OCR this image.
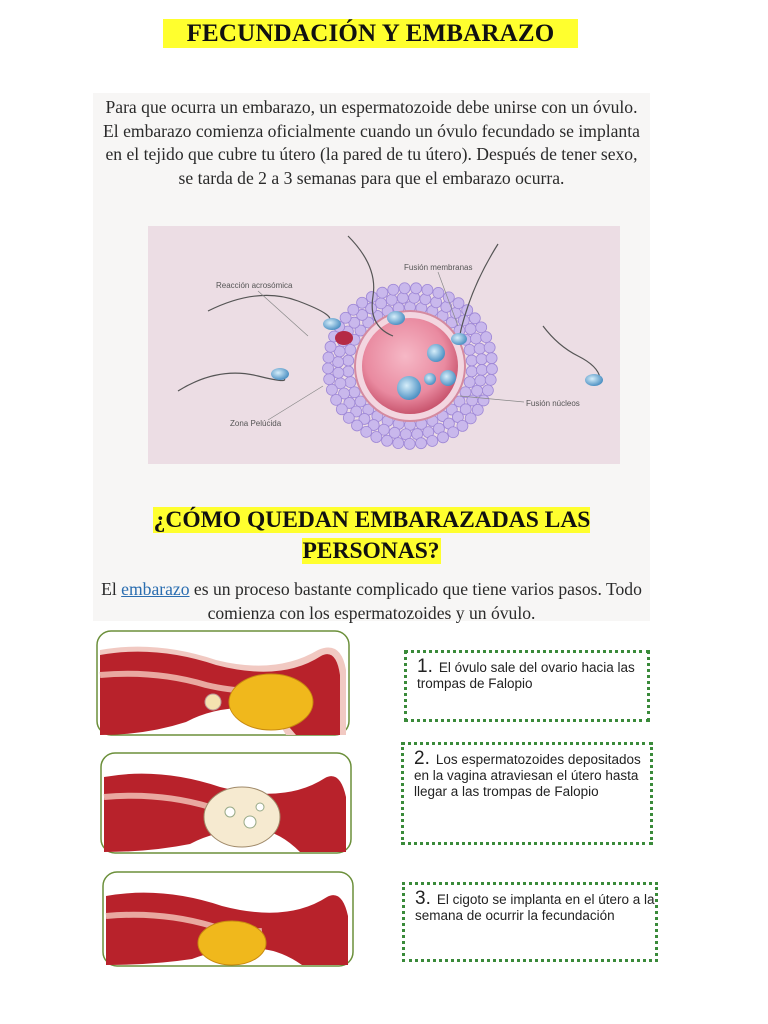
FECUNDACIÓN Y EMBARAZO
Para que ocurra un embarazo, un espermatozoide debe unirse con un óvulo. El embarazo comienza oficialmente cuando un óvulo fecundado se implanta en el tejido que cubre tu útero (la pared de tu útero). Después de tener sexo, se tarda de 2 a 3 semanas para que el embarazo ocurra.
Fusión membranas
Reacción acrosómica
Fusión núcleos
Zona Pelúcida
¿CÓMO QUEDAN EMBARAZADAS LAS PERSONAS?
El embarazo es un proceso bastante complicado que tiene varios pasos. Todo comienza con los espermatozoides y un óvulo.
1. El óvulo sale del ovario hacia las trompas de Falopio
2. Los espermatozoides depositados en la vagina atraviesan el útero hasta llegar a las trompas de Falopio
3. El cigoto se implanta en el útero a la semana de ocurrir la fecundación
